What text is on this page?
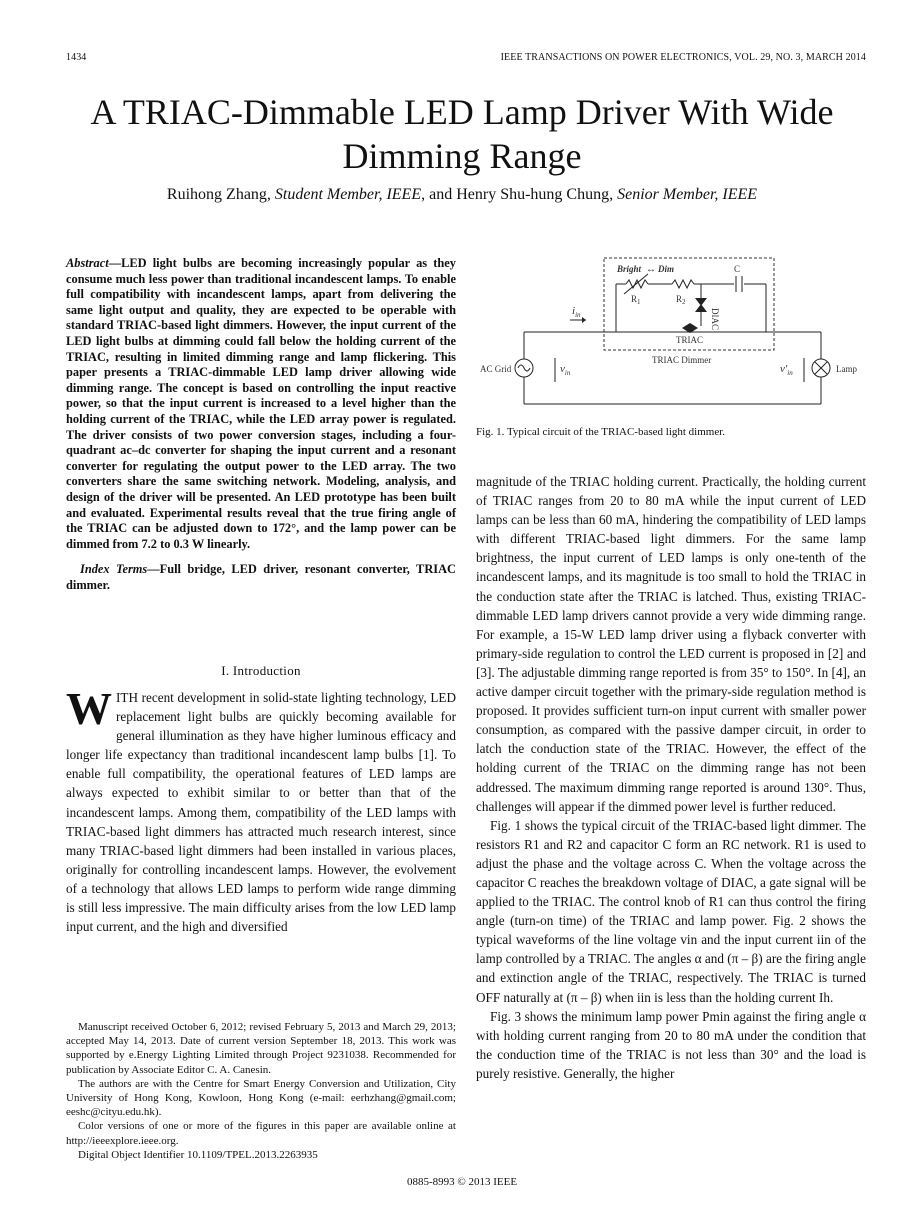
1434	IEEE TRANSACTIONS ON POWER ELECTRONICS, VOL. 29, NO. 3, MARCH 2014
A TRIAC-Dimmable LED Lamp Driver With Wide Dimming Range
Ruihong Zhang, Student Member, IEEE, and Henry Shu-hung Chung, Senior Member, IEEE
Abstract—LED light bulbs are becoming increasingly popular as they consume much less power than traditional incandescent lamps. To enable full compatibility with incandescent lamps, apart from delivering the same light output and quality, they are expected to be operable with standard TRIAC-based light dimmers. However, the input current of the LED light bulbs at dimming could fall below the holding current of the TRIAC, resulting in limited dimming range and lamp flickering. This paper presents a TRIAC-dimmable LED lamp driver allowing wide dimming range. The concept is based on controlling the input reactive power, so that the input current is increased to a level higher than the holding current of the TRIAC, while the LED array power is regulated. The driver consists of two power conversion stages, including a four-quadrant ac–dc converter for shaping the input current and a resonant converter for regulating the output power to the LED array. The two converters share the same switching network. Modeling, analysis, and design of the driver will be presented. An LED prototype has been built and evaluated. Experimental results reveal that the true firing angle of the TRIAC can be adjusted down to 172°, and the lamp power can be dimmed from 7.2 to 0.3 W linearly.
Index Terms—Full bridge, LED driver, resonant converter, TRIAC dimmer.
I. Introduction
WITH recent development in solid-state lighting technology, LED replacement light bulbs are quickly becoming available for general illumination as they have higher luminous efficacy and longer life expectancy than traditional incandescent lamp bulbs [1]. To enable full compatibility, the operational features of LED lamps are always expected to exhibit similar to or better than that of the incandescent lamps. Among them, compatibility of the LED lamps with TRIAC-based light dimmers has attracted much research interest, since many TRIAC-based light dimmers had been installed in various places, originally for controlling incandescent lamps. However, the evolvement of a technology that allows LED lamps to perform wide range dimming is still less impressive. The main difficulty arises from the low LED lamp input current, and the high and diversified

Manuscript received October 6, 2012; revised February 5, 2013 and March 29, 2013; accepted May 14, 2013. Date of current version September 18, 2013. This work was supported by e.Energy Lighting Limited through Project 9231038. Recommended for publication by Associate Editor C. A. Canesin.

The authors are with the Centre for Smart Energy Conversion and Utilization, City University of Hong Kong, Kowloon, Hong Kong (e-mail: eerhzhang@gmail.com; eeshc@cityu.edu.hk).

Color versions of one or more of the figures in this paper are available online at http://ieeexplore.ieee.org.

Digital Object Identifier 10.1109/TPEL.2013.2263935

Bright ↔ Dim	C
$R_1$	$R_2$
DIAC
TRIAC
TRIAC Dimmer
$i_{in}$
AC Grid	$v_{in}$	$v'_{in}$	Lamp
Fig. 1. Typical circuit of the TRIAC-based light dimmer.

magnitude of the TRIAC holding current. Practically, the holding current of TRIAC ranges from 20 to 80 mA while the input current of LED lamps can be less than 60 mA, hindering the compatibility of LED lamps with different TRIAC-based light dimmers. For the same lamp brightness, the input current of LED lamps is only one-tenth of the incandescent lamps, and its magnitude is too small to hold the TRIAC in the conduction state after the TRIAC is latched. Thus, existing TRIAC-dimmable LED lamp drivers cannot provide a very wide dimming range. For example, a 15-W LED lamp driver using a flyback converter with primary-side regulation to control the LED current is proposed in [2] and [3]. The adjustable dimming range reported is from 35° to 150°. In [4], an active damper circuit together with the primary-side regulation method is proposed. It provides sufficient turn-on input current with smaller power consumption, as compared with the passive damper circuit, in order to latch the conduction state of the TRIAC. However, the effect of the holding current of the TRIAC on the dimming range has not been addressed. The maximum dimming range reported is around 130°. Thus, challenges will appear if the dimmed power level is further reduced.

Fig. 1 shows the typical circuit of the TRIAC-based light dimmer. The resistors R1 and R2 and capacitor C form an RC network. R1 is used to adjust the phase and the voltage across C. When the voltage across the capacitor C reaches the breakdown voltage of DIAC, a gate signal will be applied to the TRIAC. The control knob of R1 can thus control the firing angle (turn-on time) of the TRIAC and lamp power. Fig. 2 shows the typical waveforms of the line voltage vin and the input current iin of the lamp controlled by a TRIAC. The angles α and (π – β) are the firing angle and extinction angle of the TRIAC, respectively. The TRIAC is turned OFF naturally at (π – β) when iin is less than the holding current Ih.

Fig. 3 shows the minimum lamp power Pmin against the firing angle α with holding current ranging from 20 to 80 mA under the condition that the conduction time of the TRIAC is not less than 30° and the load is purely resistive. Generally, the higher

0885-8993 © 2013 IEEE
